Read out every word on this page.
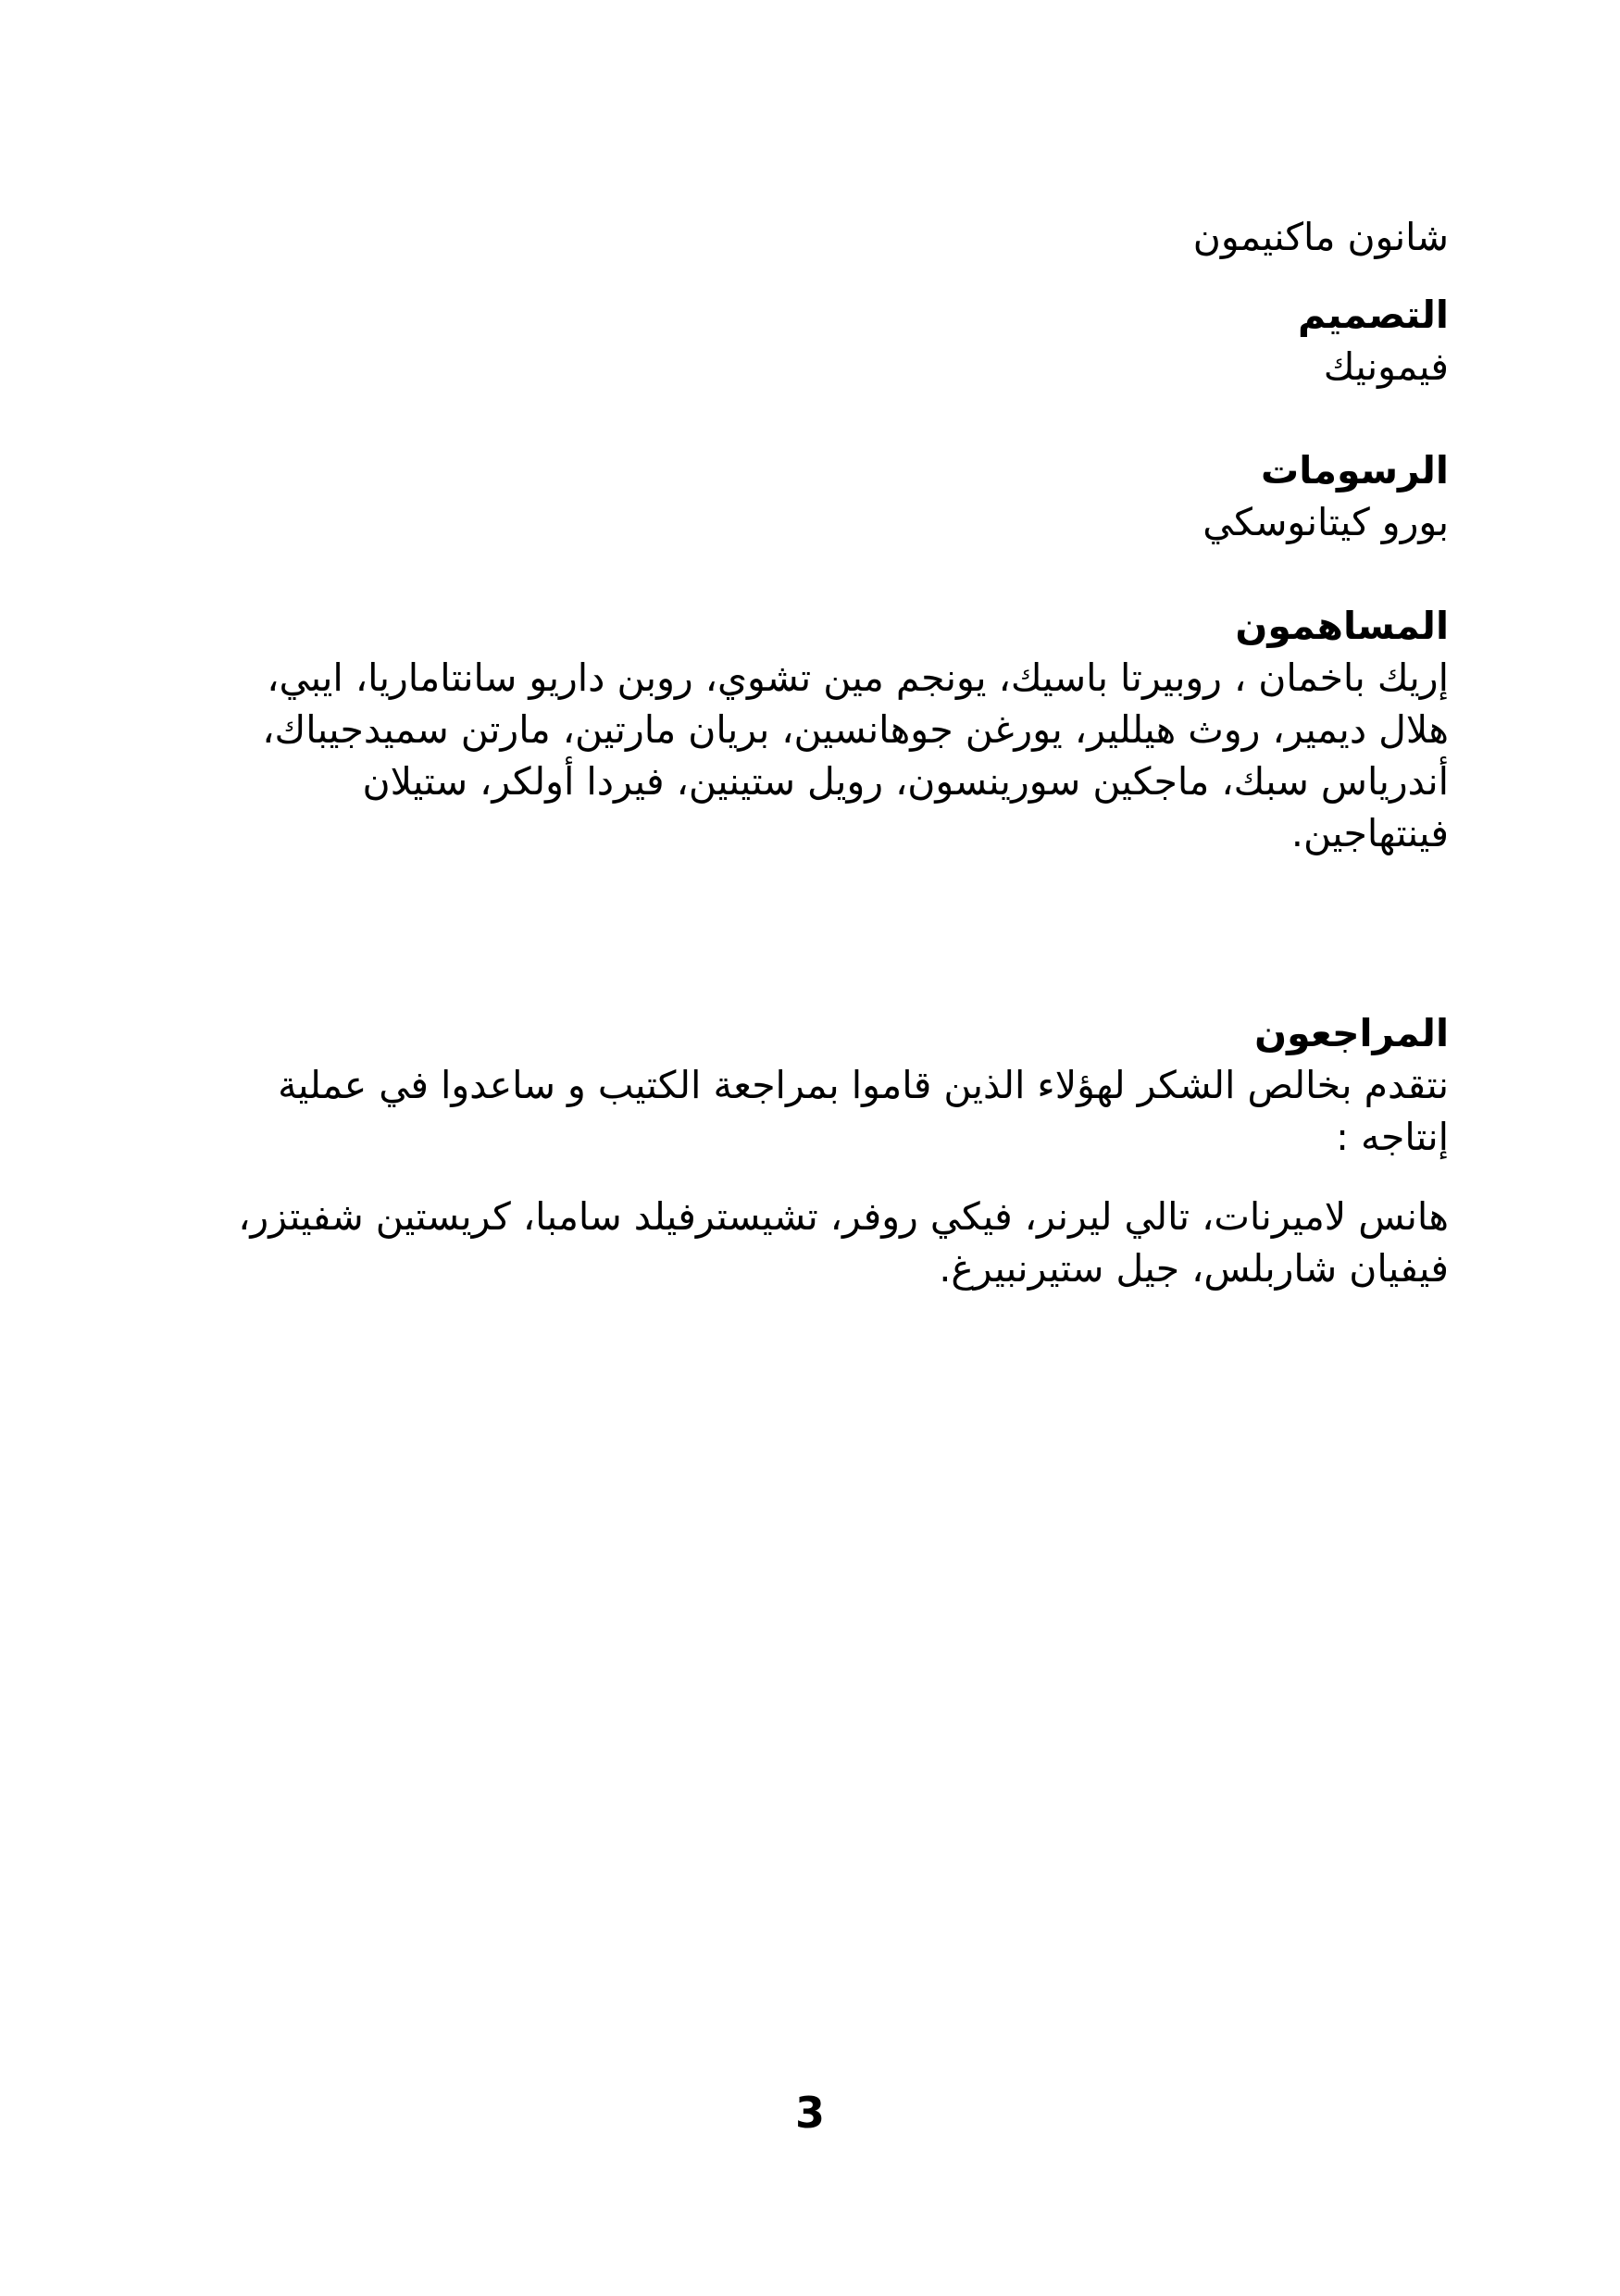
شانون ماكنيمون

التصميم

فيمونيك

الرسومات

بورو كيتانوسكي

المساهمون

إريك باخمان ، روبيرتا باسيك، يونجم مين تشوي، روبن داريو سانتاماريا، ايبي، هلال ديمير، روث هيللير، يورغن جوهانسين، بريان مارتين، مارتن سميدجيباك، أندرياس سبك، ماجكين سورينسون، رويل ستينين، فيردا أولكر، ستيلان فينتهاجين.

المراجعون

نتقدم بخالص الشكر لهؤلاء الذين قاموا بمراجعة الكتيب و ساعدوا في عملية إنتاجه :

هانس لاميرنات، تالي ليرنر، فيكي روفر، تشيسترفيلد سامبا، كريستين شفيتزر، فيفيان شاربلس، جيل ستيرنبيرغ.

3
